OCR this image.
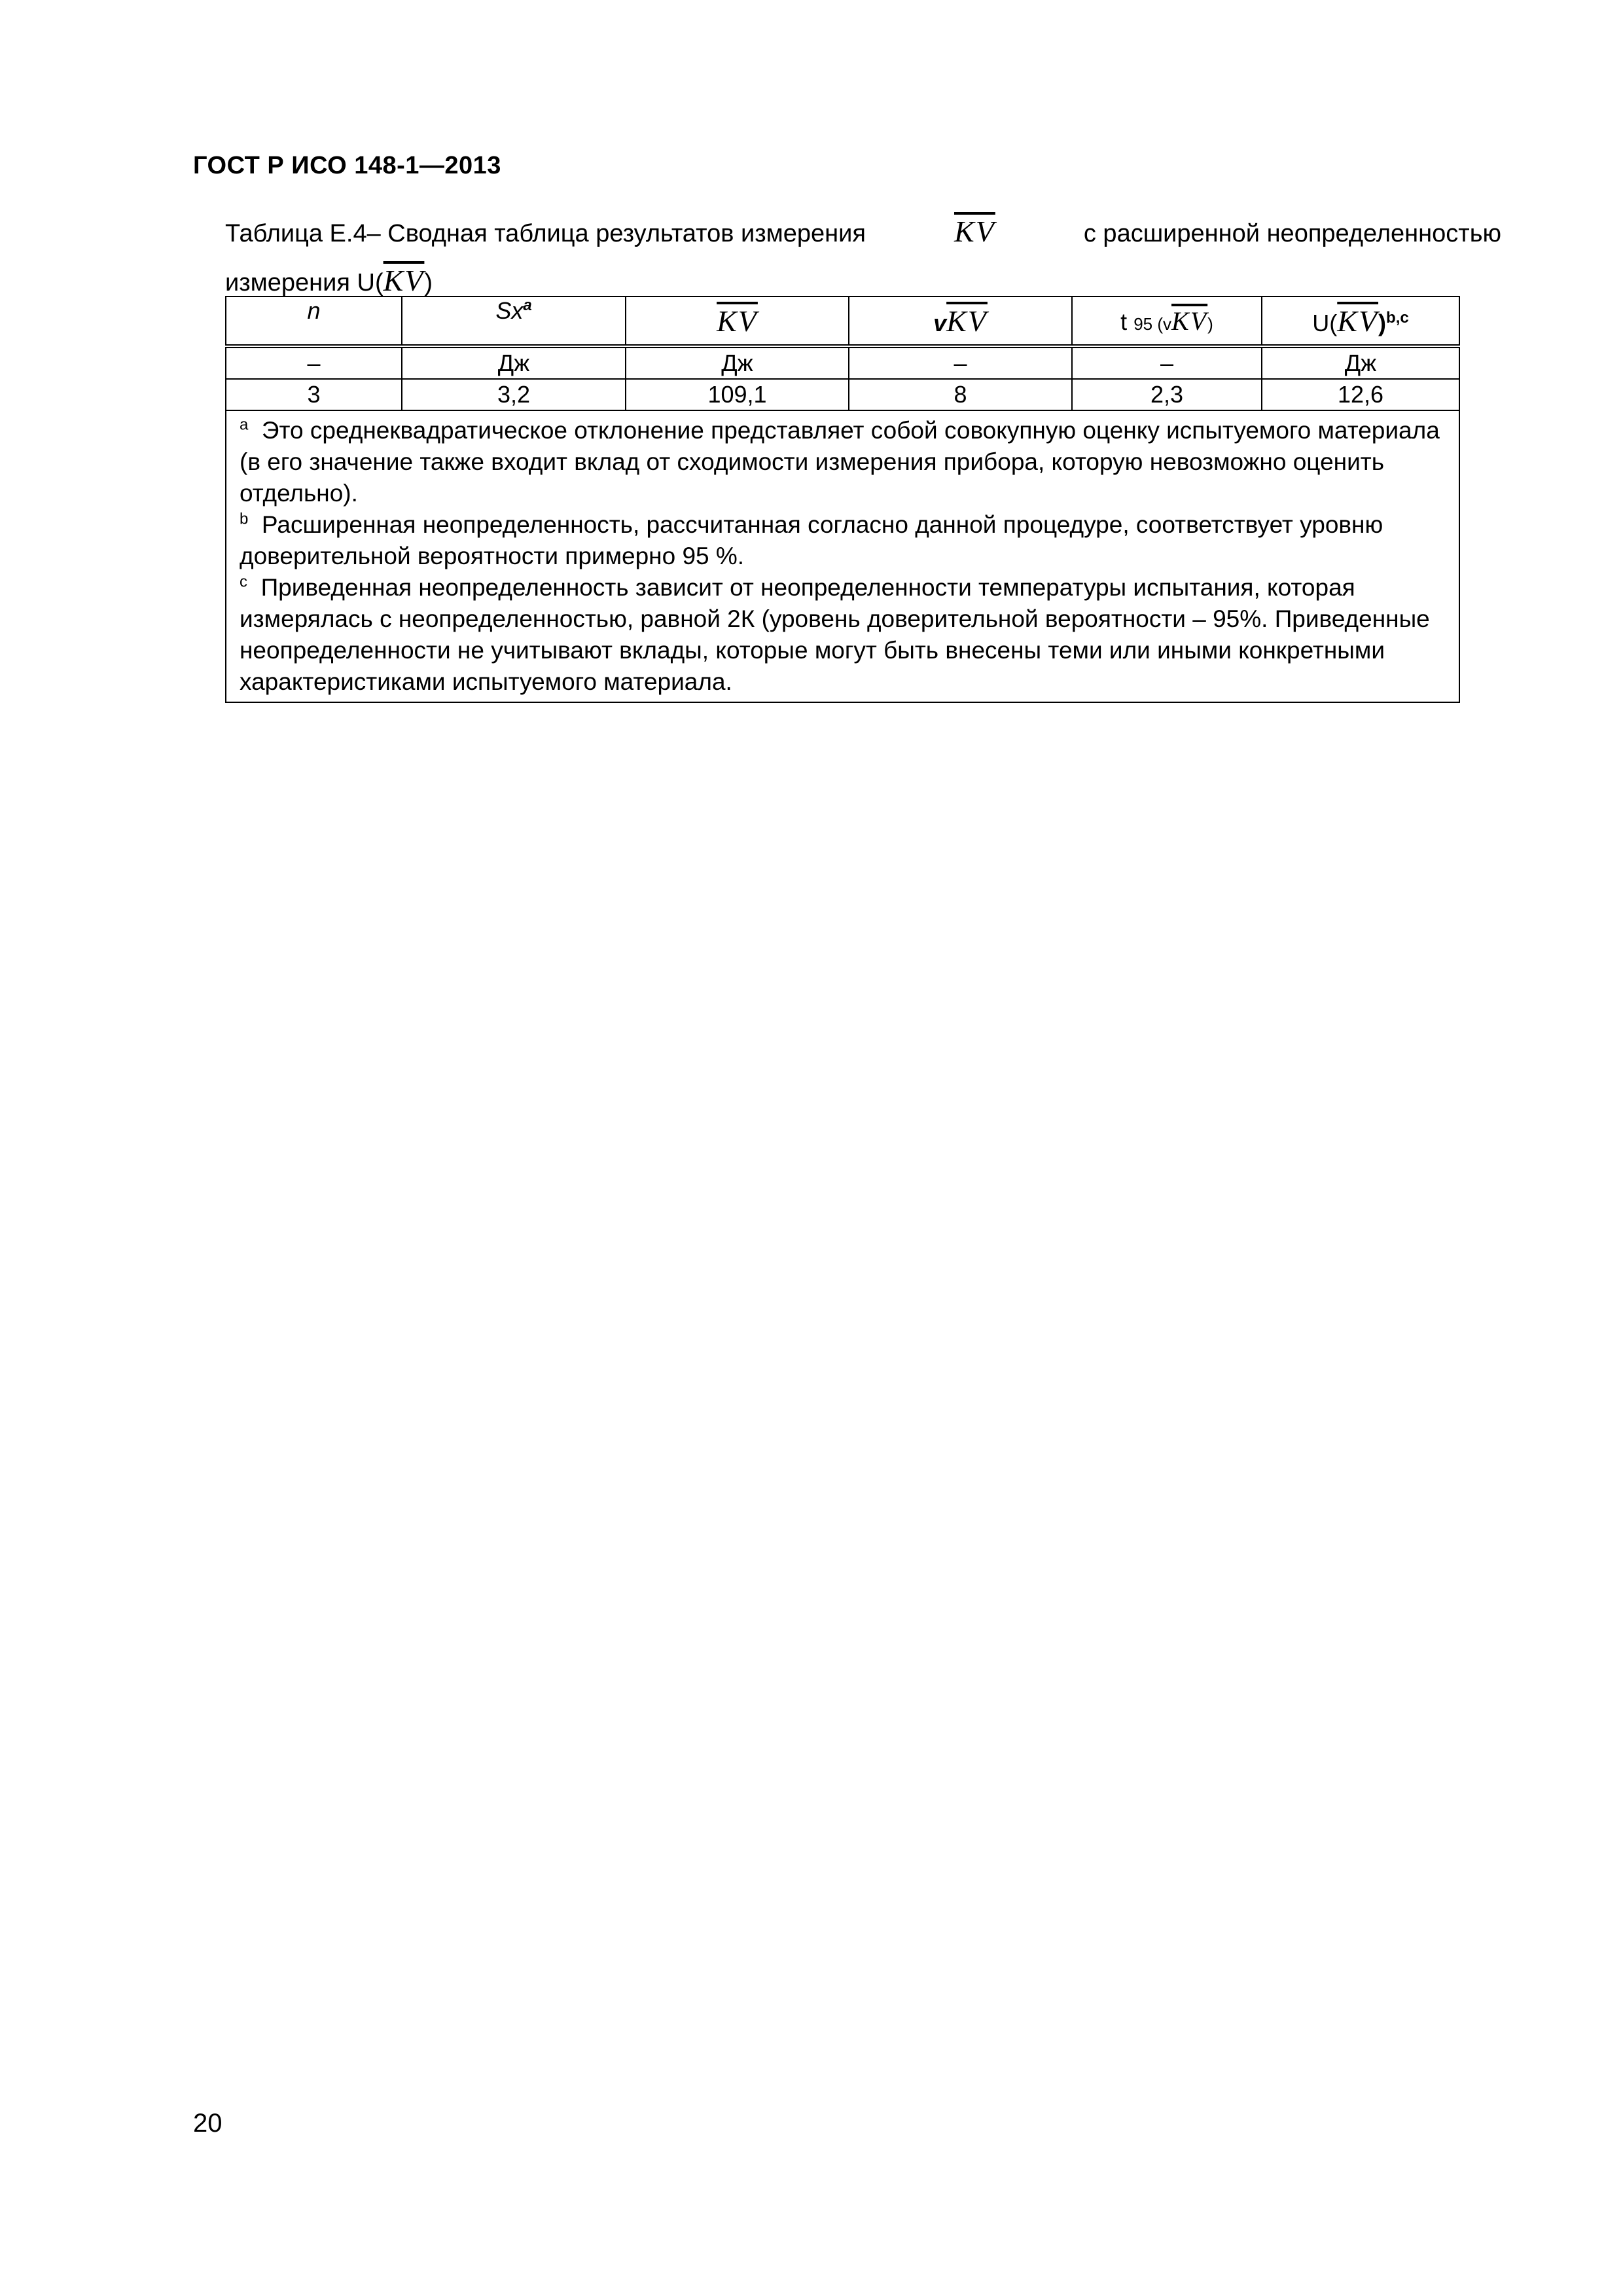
ГОСТ Р ИСО 148-1—2013
Таблица Е.4– Сводная таблица результатов измерения	$\overline{KV}$	с расширенной неопределенностью
измерения $U(\overline{KV})$
n	Sx$^a$	$\overline{KV}$	$v\overline{KV}$	t 95 $(v\overline{KV})$	$U(\overline{KV})^{b,c}$
–	Дж	Дж	–	–	Дж
3	3,2	109,1	8	2,3	12,6

$^a$ Это среднеквадратическое отклонение представляет собой совокупную оценку испытуемого материала (в его значение также входит вклад от сходимости измерения прибора, которую невозможно оценить отдельно).
$^b$ Расширенная неопределенность, рассчитанная согласно данной процедуре, соответствует уровню доверительной вероятности примерно 95 %.
$^c$ Приведенная неопределенность зависит от неопределенности температуры испытания, которая измерялась с неопределенностью, равной 2К (уровень доверительной вероятности – 95%. Приведенные неопределенности не учитывают вклады, которые могут быть внесены теми или иными конкретными характеристиками испытуемого материала.					
20
